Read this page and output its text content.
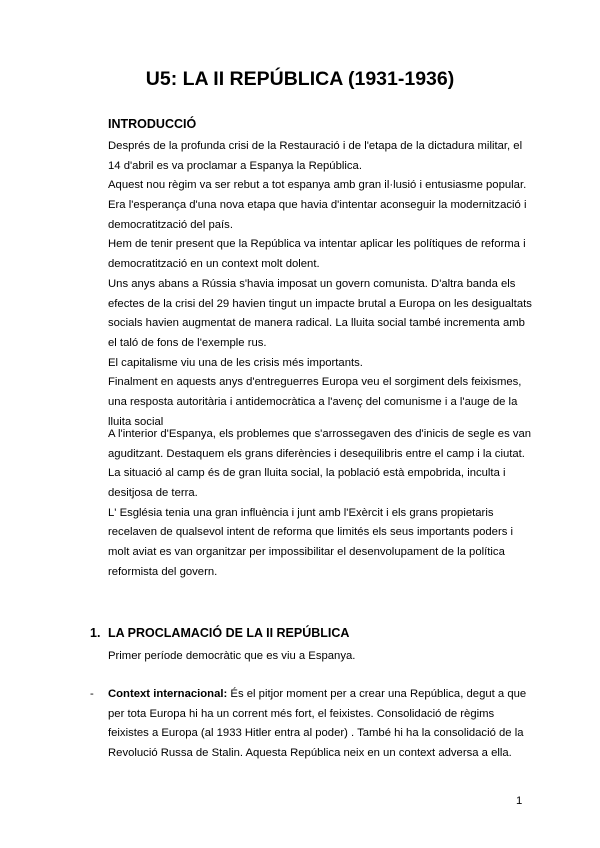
U5: LA II REPÚBLICA (1931-1936)
INTRODUCCIÓ
Després de la profunda crisi de la Restauració i de l'etapa de la dictadura militar, el
14 d'abril es va proclamar a Espanya la República.
Aquest nou règim va ser rebut a tot espanya amb gran il·lusió i entusiasme popular.
Era l'esperança d'una nova etapa que havia d'intentar aconseguir la modernització i
democratització del país.
Hem de tenir present que la República va intentar aplicar les polítiques de reforma i
democratització en un context molt dolent.
Uns anys abans a Rússia s'havia imposat un govern comunista. D'altra banda els
efectes de la crisi del 29 havien tingut un impacte brutal a Europa on les desigualtats
socials havien augmentat de manera radical. La lluita social també incrementa amb
el taló de fons de l'exemple rus.
El capitalisme viu una de les crisis més importants.
Finalment en aquests anys d'entreguerres Europa veu el sorgiment dels feixismes,
una resposta autoritària i antidemocràtica a l'avenç del comunisme i a l'auge de la
lluita social
A l'interior d'Espanya, els problemes que s'arrossegaven des d'inicis de segle es van
aguditzant. Destaquem els grans diferències i desequilibris entre el camp i la ciutat.
La situació al camp és de gran lluita social, la població està empobrida, inculta i
desitjosa de terra.
L' Església tenia una gran influència i junt amb l'Exèrcit i els grans propietaris
recelaven de qualsevol intent de reforma que limités els seus importants poders i
molt aviat es van organitzar per impossibilitar el desenvolupament de la política
reformista del govern.
1. LA PROCLAMACIÓ DE LA II REPÚBLICA
Primer període democràtic que es viu a Espanya.
- Context internacional: És el pitjor moment per a crear una República, degut a que
per tota Europa hi ha un corrent més fort, el feixistes. Consolidació de règims
feixistes a Europa (al 1933 Hitler entra al poder) . També hi ha la consolidació de la
Revolució Russa de Stalin. Aquesta República neix en un context adversa a ella.
1
